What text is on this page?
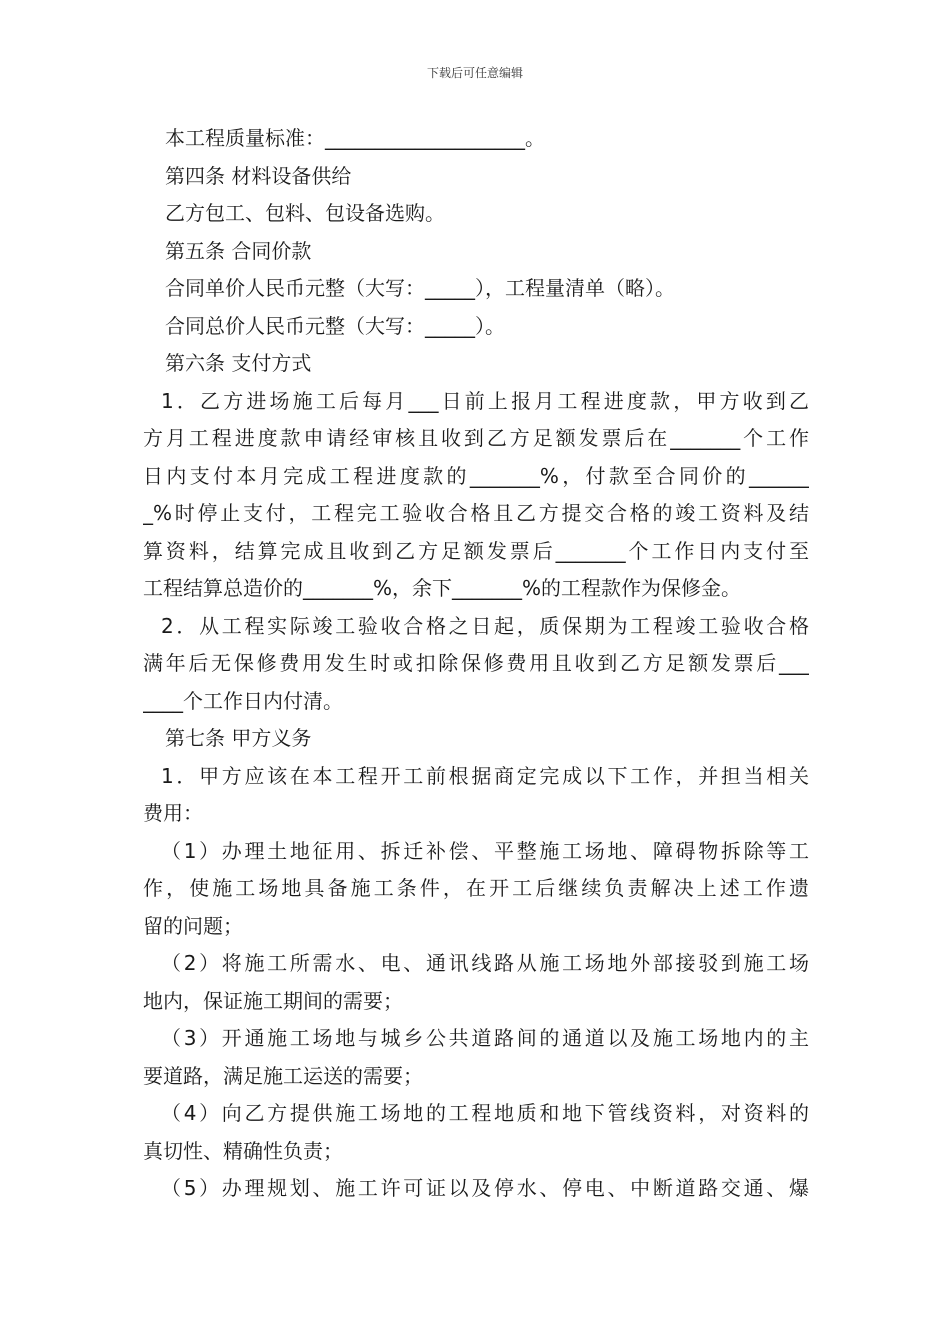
下载后可任意编辑

本工程质量标准：____________________。

第四条 材料设备供给

乙方包工、包料、包设备选购。

第五条 合同价款

合同单价人民币元整（大写：_____），工程量清单（略）。

合同总价人民币元整（大写：_____）。

第六条 支付方式

1．乙方进场施工后每月___日前上报月工程进度款，甲方收到乙

方月工程进度款申请经审核且收到乙方足额发票后在_______个工作

日内支付本月完成工程进度款的_______%，付款至合同价的______

_%时停止支付，工程完工验收合格且乙方提交合格的竣工资料及结

算资料，结算完成且收到乙方足额发票后_______个工作日内支付至

工程结算总造价的_______%，余下_______%的工程款作为保修金。

2．从工程实际竣工验收合格之日起，质保期为工程竣工验收合格

满年后无保修费用发生时或扣除保修费用且收到乙方足额发票后___

____个工作日内付清。

第七条 甲方义务

1．甲方应该在本工程开工前根据商定完成以下工作，并担当相关

费用：

（1）办理土地征用、拆迁补偿、平整施工场地、障碍物拆除等工

作，使施工场地具备施工条件，在开工后继续负责解决上述工作遗

留的问题；

（2）将施工所需水、电、通讯线路从施工场地外部接驳到施工场

地内，保证施工期间的需要；

（3）开通施工场地与城乡公共道路间的通道以及施工场地内的主

要道路，满足施工运送的需要；

（4）向乙方提供施工场地的工程地质和地下管线资料，对资料的

真切性、精确性负责；

（5）办理规划、施工许可证以及停水、停电、中断道路交通、爆
